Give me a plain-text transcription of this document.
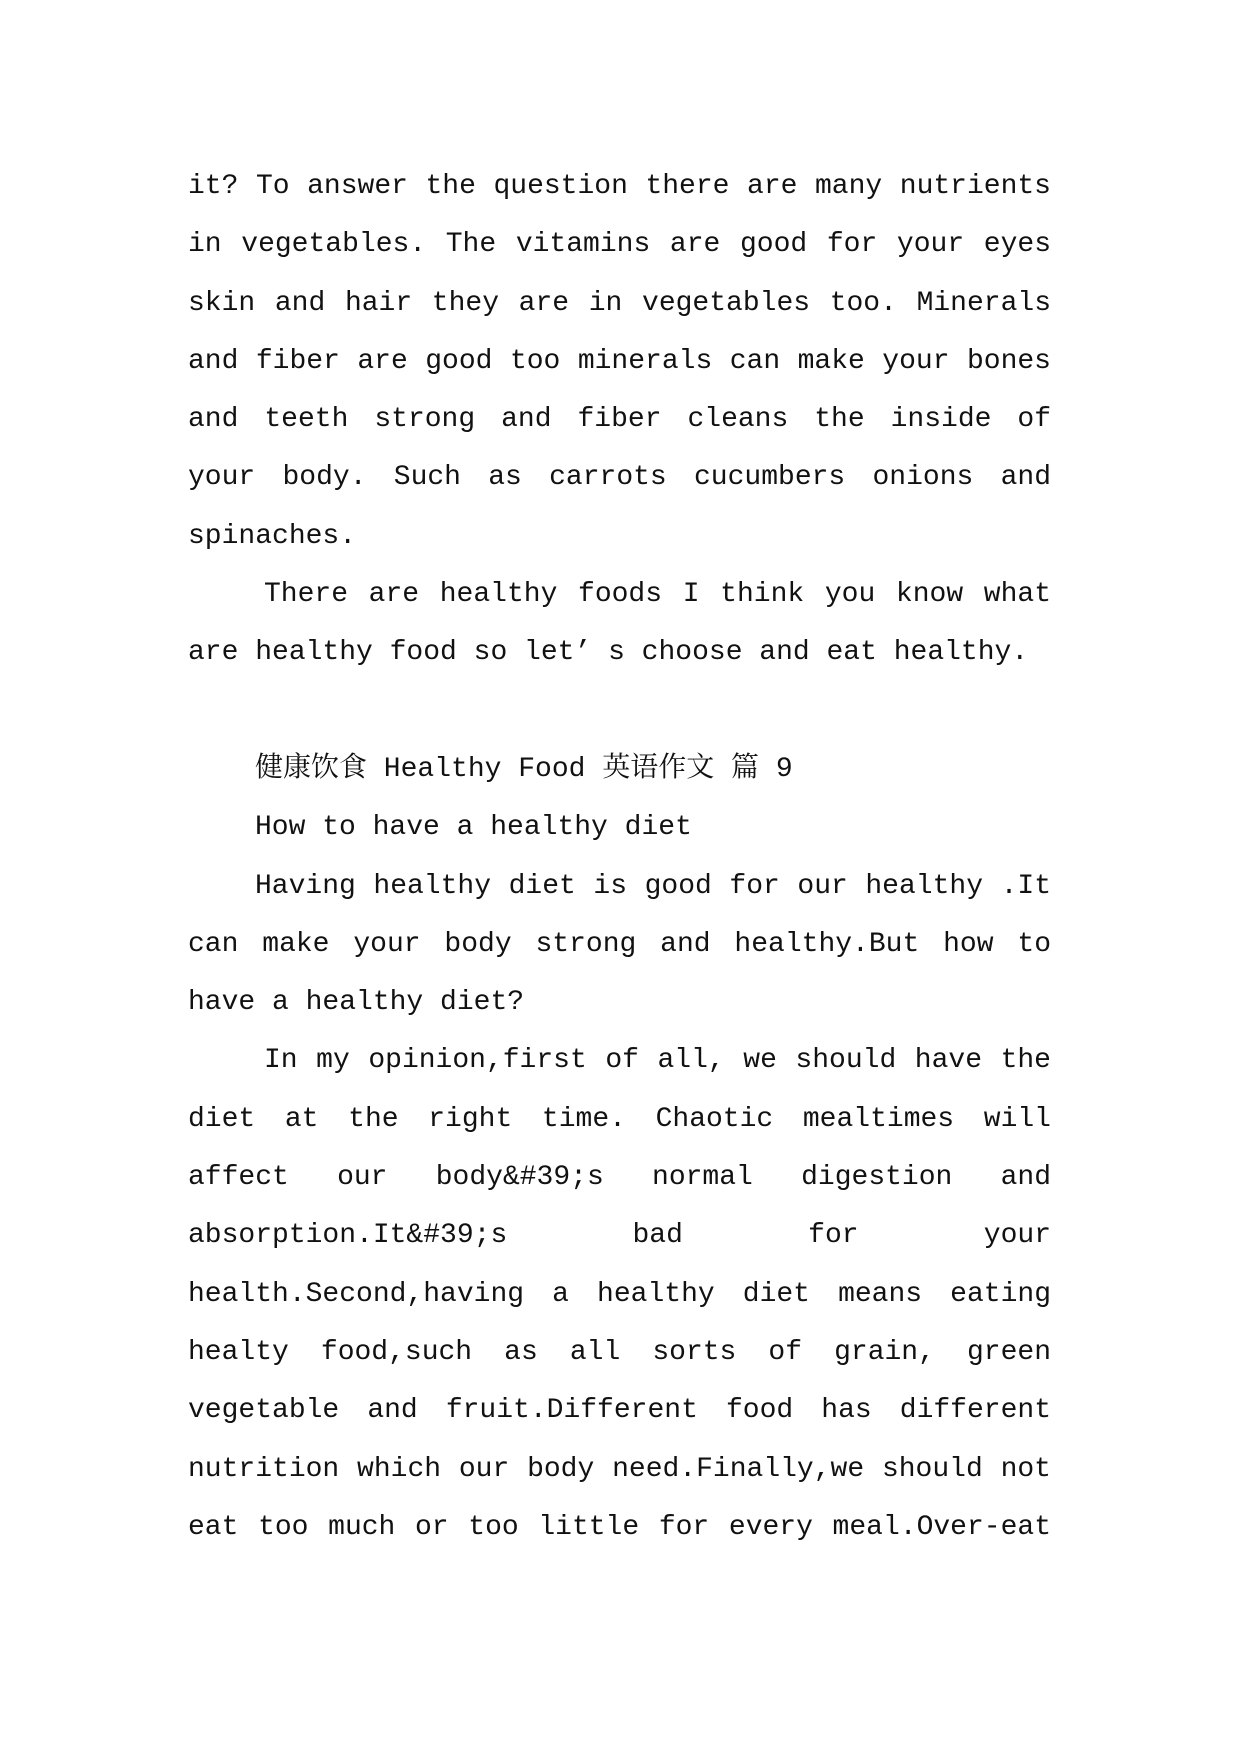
it? To answer the question there are many nutrients
in vegetables. The vitamins are good for your eyes
skin and hair they are in vegetables too. Minerals
and fiber are good too minerals can make your bones
and teeth strong and fiber cleans the inside of
your body. Such as carrots cucumbers onions and
spinaches.
There are healthy foods I think you know what
are healthy food so let’ s choose and eat healthy.
健康饮食 Healthy Food 英语作文 篇 9
How to have a healthy diet
Having healthy diet is good for our healthy .It
can make your body strong and healthy.But how to
have a healthy diet?
In my opinion,first of all, we should have the
diet at the right time. Chaotic mealtimes will
affect our body&#39;s normal digestion and
absorption.It&#39;s bad for your
health.Second,having a healthy diet means eating
healty food,such as all sorts of grain, green
vegetable and fruit.Different food has different
nutrition which our body need.Finally,we should not
eat too much or too little for every meal.Over-eat
